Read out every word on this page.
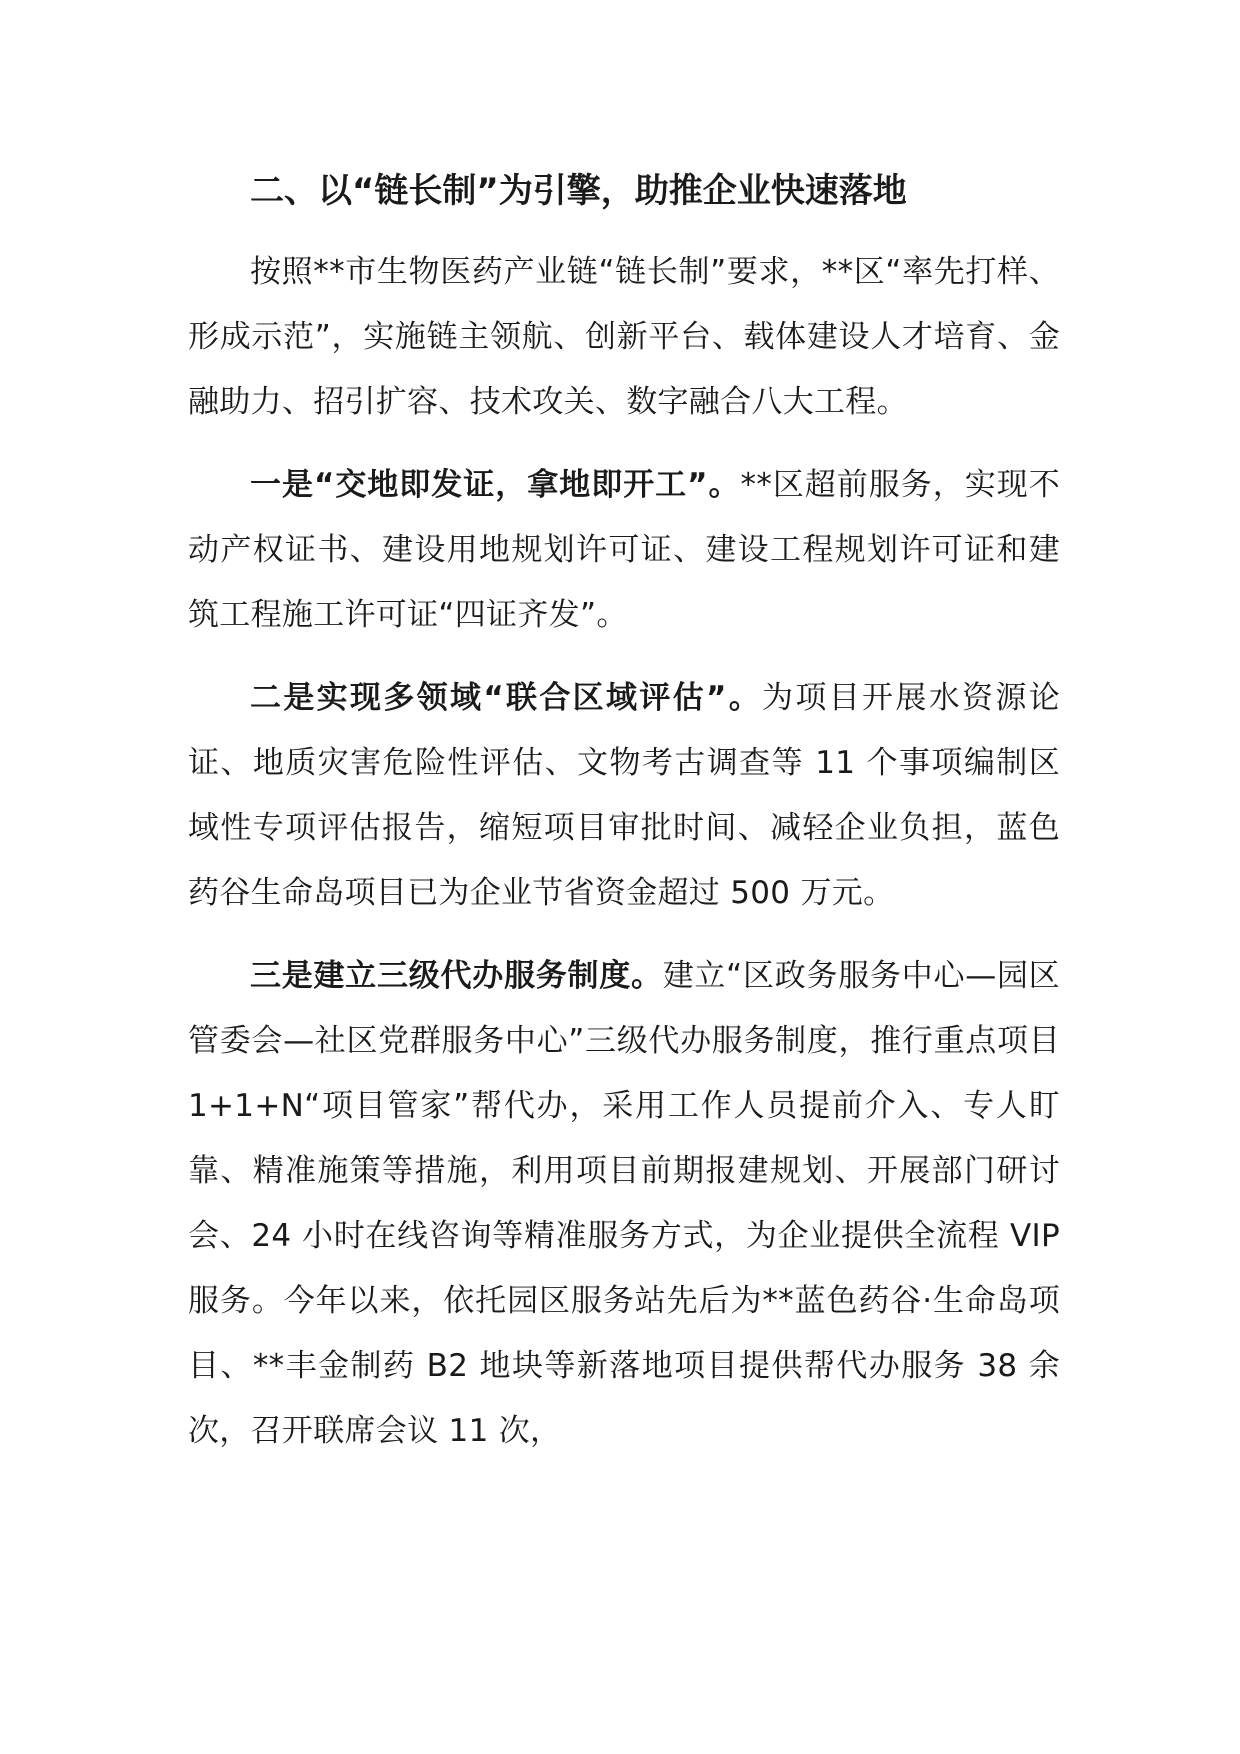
二、以“链长制”为引擎，助推企业快速落地

按照**市生物医药产业链“链长制”要求，**区“率先打样、形成示范”，实施链主领航、创新平台、载体建设人才培育、金融助力、招引扩容、技术攻关、数字融合八大工程。

一是“交地即发证，拿地即开工”。**区超前服务，实现不动产权证书、建设用地规划许可证、建设工程规划许可证和建筑工程施工许可证“四证齐发”。

二是实现多领域“联合区域评估”。为项目开展水资源论证、地质灾害危险性评估、文物考古调查等 11 个事项编制区域性专项评估报告，缩短项目审批时间、减轻企业负担，蓝色药谷生命岛项目已为企业节省资金超过 500 万元。

三是建立三级代办服务制度。建立“区政务服务中心—园区管委会—社区党群服务中心”三级代办服务制度，推行重点项目 1+1+N“项目管家”帮代办，采用工作人员提前介入、专人盯靠、精准施策等措施，利用项目前期报建规划、开展部门研讨会、24 小时在线咨询等精准服务方式，为企业提供全流程 VIP 服务。今年以来，依托园区服务站先后为**蓝色药谷·生命岛项目、**丰金制药 B2 地块等新落地项目提供帮代办服务 38 余次，召开联席会议 11 次，
